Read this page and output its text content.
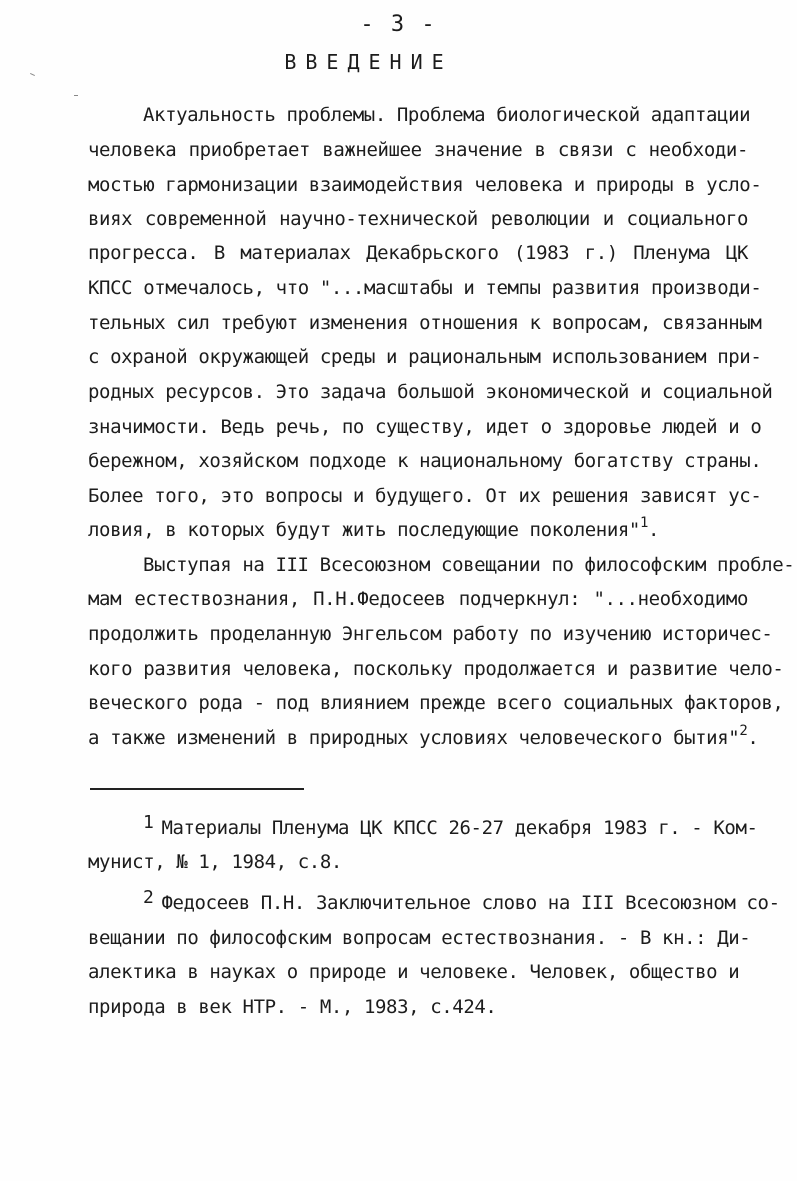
- 3 -
ВВЕДЕНИЕ
Актуальность проблемы. Проблема биологической адаптации
человека приобретает важнейшее значение в связи с необходи-
мостью гармонизации взаимодействия человека и природы в усло-
виях современной научно-технической революции и социального
прогресса. В материалах Декабрьского (1983 г.) Пленума ЦК
КПСС отмечалось, что "...масштабы и темпы развития производи-
тельных сил требуют изменения отношения к вопросам, связанным
с охраной окружающей среды и рациональным использованием при-
родных ресурсов. Это задача большой экономической и социальной
значимости. Ведь речь, по существу, идет о здоровье людей и о
бережном, хозяйском подходе к национальному богатству страны.
Более того, это вопросы и будущего. От их решения зависят ус-
ловия, в которых будут жить последующие поколения"$^1$.
Выступая на III Всесоюзном совещании по философским пробле-
мам естествознания, П.Н.Федосеев подчеркнул: "...необходимо
продолжить проделанную Энгельсом работу по изучению историчес-
кого развития человека, поскольку продолжается и развитие чело-
веческого рода - под влиянием прежде всего социальных факторов,
а также изменений в природных условиях человеческого бытия"$^2$.
1 Материалы Пленума ЦК КПСС 26-27 декабря 1983 г. - Ком-
мунист, № 1, 1984, с.8.
2 Федосеев П.Н. Заключительное слово на III Всесоюзном со-
вещании по философским вопросам естествознания. - В кн.: Ди-
алектика в науках о природе и человеке. Человек, общество и
природа в век НТР. - М., 1983, с.424.
